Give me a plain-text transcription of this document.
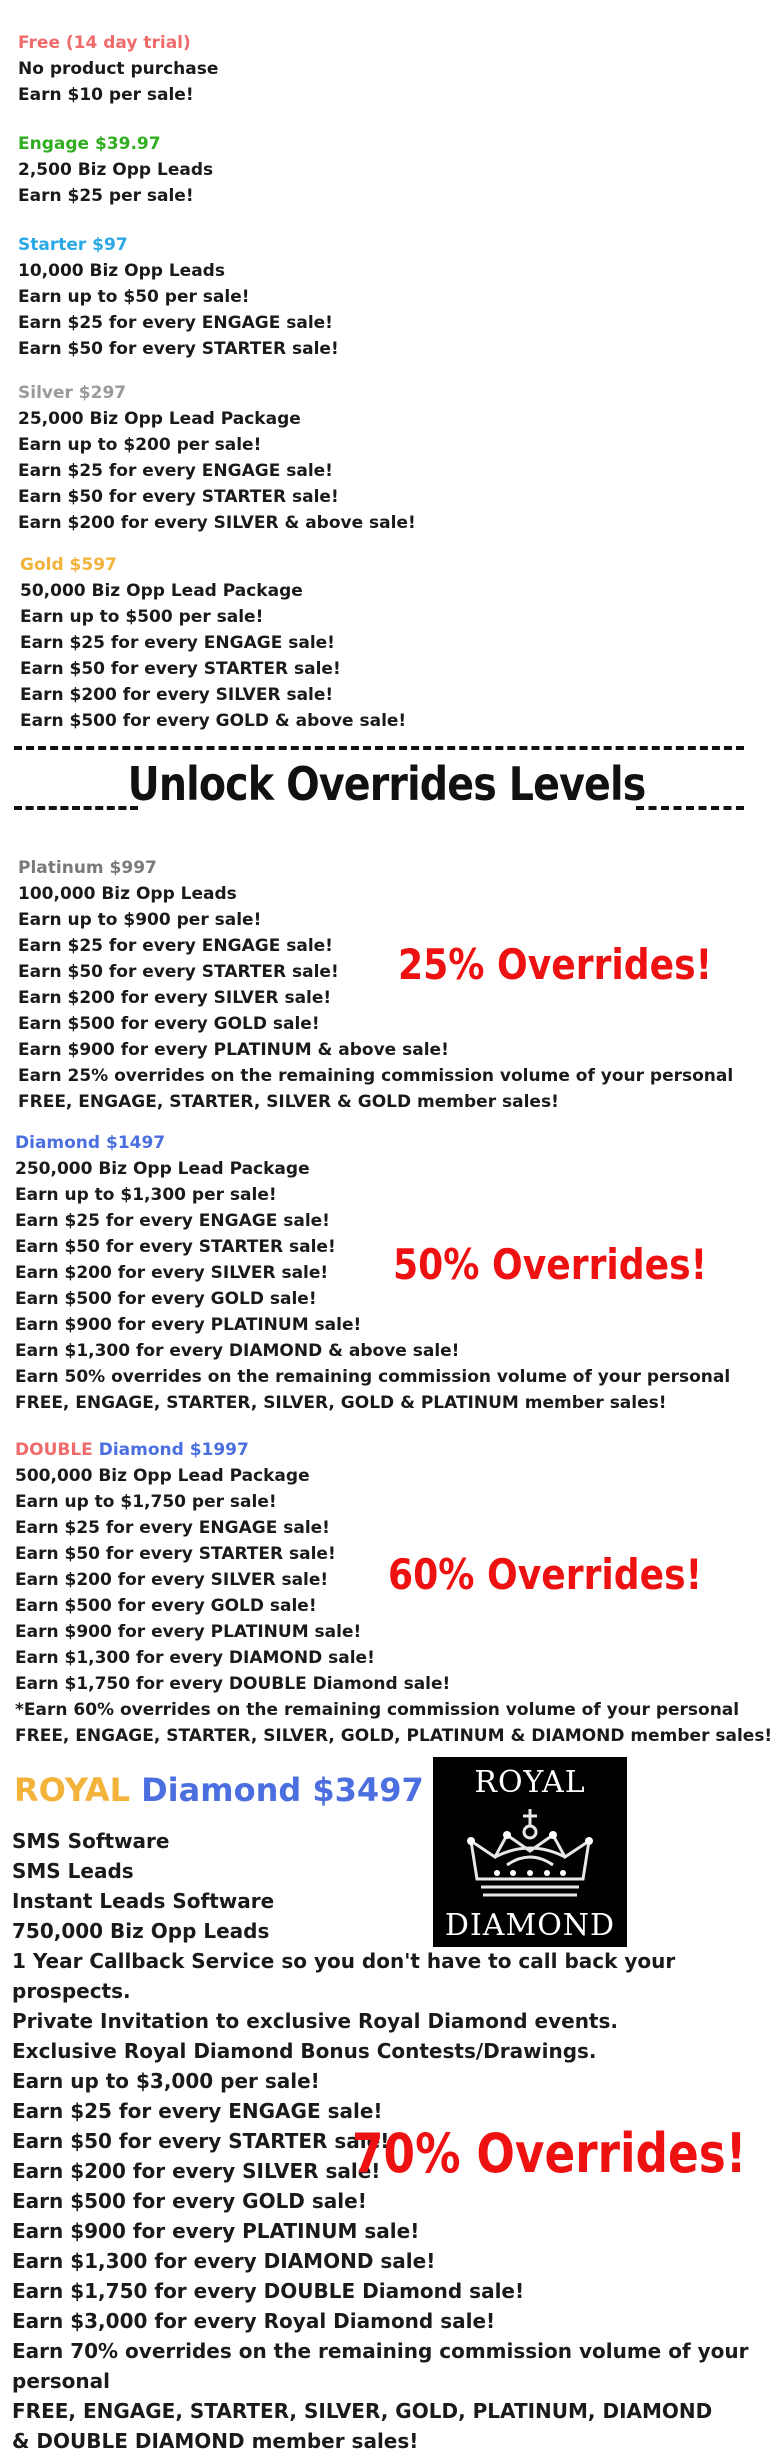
Free (14 day trial)
No product purchase
Earn $10 per sale!
Engage $39.97
2,500 Biz Opp Leads
Earn $25 per sale!
Starter $97
10,000 Biz Opp Leads
Earn up to $50 per sale!
Earn $25 for every ENGAGE sale!
Earn $50 for every STARTER sale!
Silver $297
25,000 Biz Opp Lead Package
Earn up to $200 per sale!
Earn $25 for every ENGAGE sale!
Earn $50 for every STARTER sale!
Earn $200 for every SILVER & above sale!
Gold $597
50,000 Biz Opp Lead Package
Earn up to $500 per sale!
Earn $25 for every ENGAGE sale!
Earn $50 for every STARTER sale!
Earn $200 for every SILVER sale!
Earn $500 for every GOLD & above sale!
Unlock Overrides Levels
Platinum $997
100,000 Biz Opp Leads
Earn up to $900 per sale!
Earn $25 for every ENGAGE sale!
Earn $50 for every STARTER sale!
Earn $200 for every SILVER sale!
Earn $500 for every GOLD sale!
Earn $900 for every PLATINUM & above sale!
Earn 25% overrides on the remaining commission volume of your personal
FREE, ENGAGE, STARTER, SILVER & GOLD member sales!
25% Overrides!
Diamond $1497
250,000 Biz Opp Lead Package
Earn up to $1,300 per sale!
Earn $25 for every ENGAGE sale!
Earn $50 for every STARTER sale!
Earn $200 for every SILVER sale!
Earn $500 for every GOLD sale!
Earn $900 for every PLATINUM sale!
Earn $1,300 for every DIAMOND & above sale!
Earn 50% overrides on the remaining commission volume of your personal
FREE, ENGAGE, STARTER, SILVER, GOLD & PLATINUM member sales!
50% Overrides!
DOUBLE Diamond $1997
500,000 Biz Opp Lead Package
Earn up to $1,750 per sale!
Earn $25 for every ENGAGE sale!
Earn $50 for every STARTER sale!
Earn $200 for every SILVER sale!
Earn $500 for every GOLD sale!
Earn $900 for every PLATINUM sale!
Earn $1,300 for every DIAMOND sale!
Earn $1,750 for every DOUBLE Diamond sale!
*Earn 60% overrides on the remaining commission volume of your personal
FREE, ENGAGE, STARTER, SILVER, GOLD, PLATINUM & DIAMOND member sales!
60% Overrides!
ROYAL Diamond $3497	ROYAL
DIAMOND
SMS Software
SMS Leads
Instant Leads Software
750,000 Biz Opp Leads
1 Year Callback Service so you don't have to call back your prospects.
Private Invitation to exclusive Royal Diamond events.
Exclusive Royal Diamond Bonus Contests/Drawings.
Earn up to $3,000 per sale!
Earn $25 for every ENGAGE sale!
Earn $50 for every STARTER sale!
Earn $200 for every SILVER sale!
Earn $500 for every GOLD sale!
Earn $900 for every PLATINUM sale!
Earn $1,300 for every DIAMOND sale!
Earn $1,750 for every DOUBLE Diamond sale!
Earn $3,000 for every Royal Diamond sale!
Earn 70% overrides on the remaining commission volume of your personal
FREE, ENGAGE, STARTER, SILVER, GOLD, PLATINUM, DIAMOND
& DOUBLE DIAMOND member sales!
70% Overrides!
